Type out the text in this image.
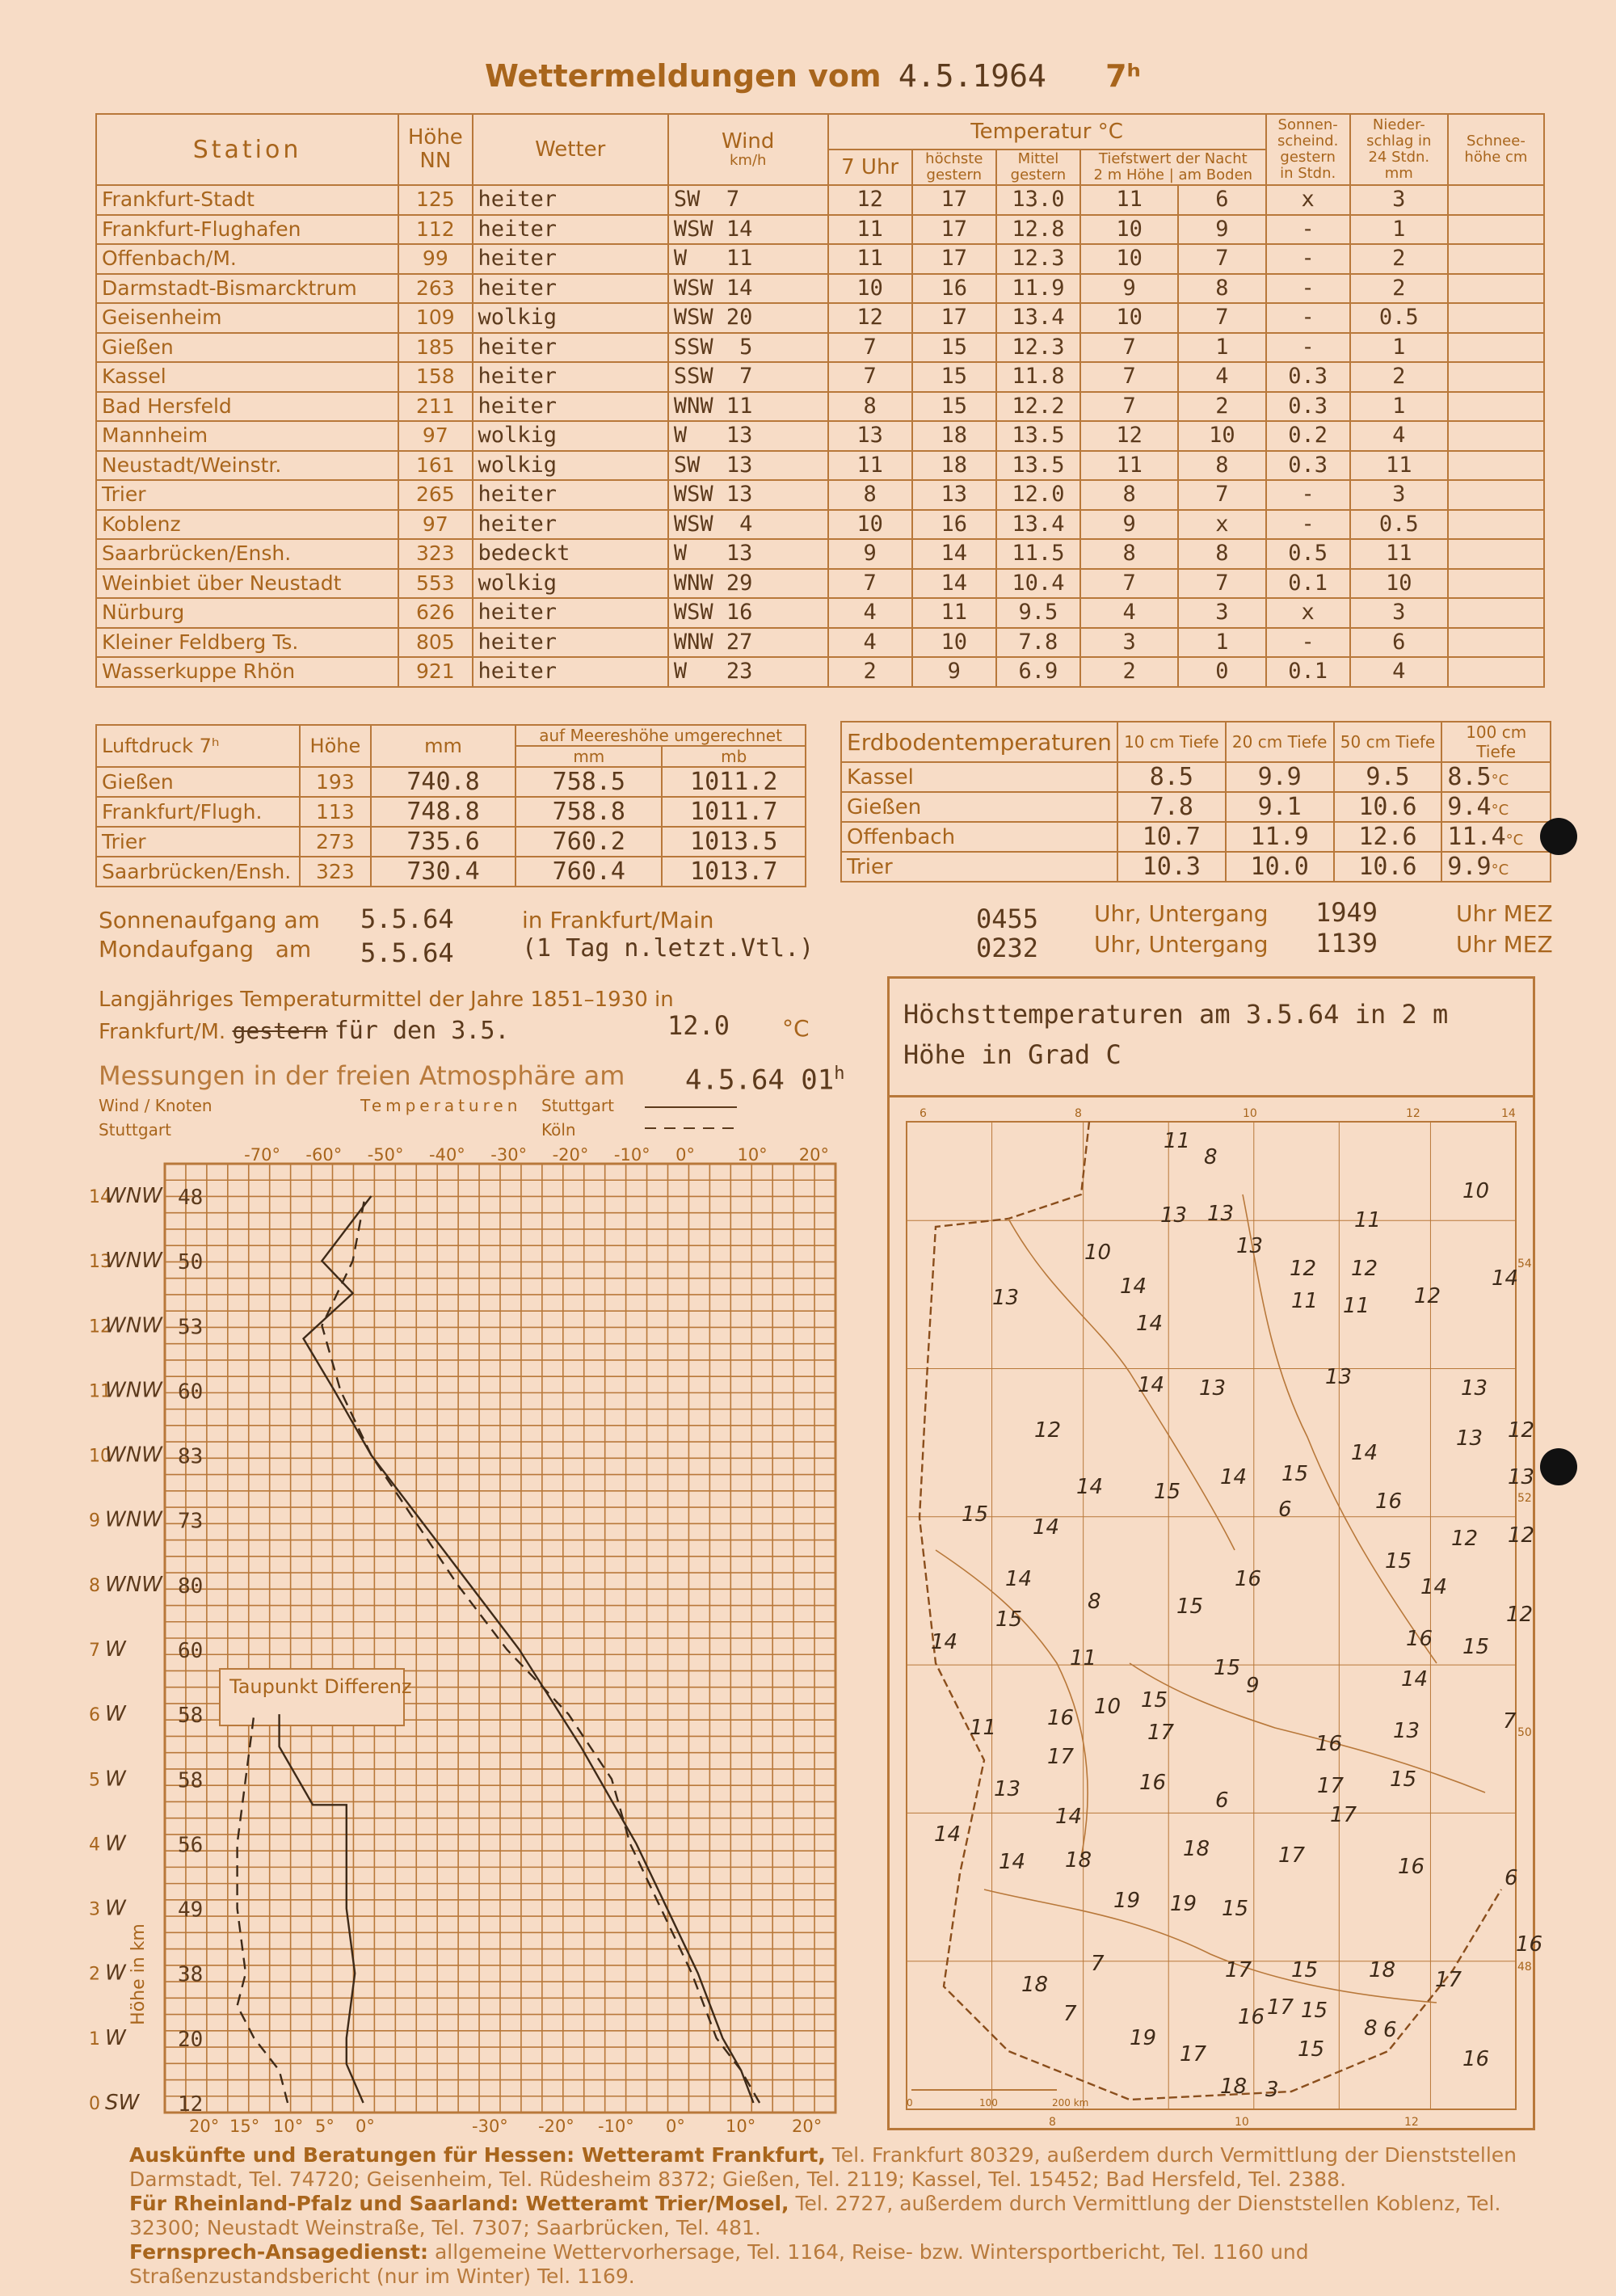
Wettermeldungen vom 4.5.1964 7ʰ
Station	Höhe NN	Wetter	Wind
km/h	Temperatur °C					Sonnen-scheind. gestern in Stdn.	Nieder-schlag in 24 Stdn. mm	Schnee-höhe cm
				7 Uhr	höchste gestern	Mittel gestern	Tiefstwert der Nacht
2 m Höhe | am Boden				

Frankfurt-Stadt	125	heiter	SW  7	12	17	13.0	11	6	x	3	
Frankfurt-Flughafen	112	heiter	WSW 14	11	17	12.8	10	9	-	1	
Offenbach/M.	99	heiter	W   11	11	17	12.3	10	7	-	2	
Darmstadt-Bismarcktrum	263	heiter	WSW 14	10	16	11.9	9	8	-	2	
Geisenheim	109	wolkig	WSW 20	12	17	13.4	10	7	-	0.5	
Gießen	185	heiter	SSW  5	7	15	12.3	7	1	-	1	
Kassel	158	heiter	SSW  7	7	15	11.8	7	4	0.3	2	
Bad Hersfeld	211	heiter	WNW 11	8	15	12.2	7	2	0.3	1	
Mannheim	97	wolkig	W   13	13	18	13.5	12	10	0.2	4	
Neustadt/Weinstr.	161	wolkig	SW  13	11	18	13.5	11	8	0.3	11	
Trier	265	heiter	WSW 13	8	13	12.0	8	7	-	3	
Koblenz	97	heiter	WSW  4	10	16	13.4	9	x	-	0.5	
Saarbrücken/Ensh.	323	bedeckt	W   13	9	14	11.5	8	8	0.5	11	
Weinbiet über Neustadt	553	wolkig	WNW 29	7	14	10.4	7	7	0.1	10	
Nürburg	626	heiter	WSW 16	4	11	9.5	4	3	x	3	
Kleiner Feldberg Ts.	805	heiter	WNW 27	4	10	7.8	3	1	-	6	
Wasserkuppe Rhön	921	heiter	W   23	2	9	6.9	2	0	0.1	4	
Luftdruck 7ʰ	Höhe	mm	auf Meereshöhe umgerechnet	
			mm	mb
Gießen	193	740.8	758.5	1011.2
Frankfurt/Flugh.	113	748.8	758.8	1011.7
Trier	273	735.6	760.2	1013.5
Saarbrücken/Ensh.	323	730.4	760.4	1013.7
Erdbodentemperaturen	10 cm Tiefe	20 cm Tiefe	50 cm Tiefe	100 cm Tiefe
Kassel	8.5	9.9	9.5	8.5°C
Gießen	7.8	9.1	10.6	9.4°C
Offenbach	10.7	11.9	12.6	11.4°C
Trier	10.3	10.0	10.6	9.9°C
Sonnenaufgang am 5.5.64	in Frankfurt/Main	0455 Uhr, Untergang 1949	Uhr MEZ
Mondaufgang   am 5.5.64	(1 Tag n.letzt.Vtl.)	0232 Uhr, Untergang 1139	Uhr MEZ
Langjähriges Temperaturmittel der Jahre 1851–1930 in
Frankfurt/M. gestern für den 3.5.	12.0 °C
Messungen in der freien Atmosphäre am 4.5.64 01$^h$
Wind / Knoten
Stuttgart
Temperaturen Stuttgart
Köln
14
13
12
11
10
9
8
7
6
5
4
3
2
1
0
-70° -60° -50° -40° -30° -20° -10° 0° 10° 20°
20° 15° 10° 5° 0°	-30° -20° -10° 0° 10° 20°
WNW 48
WNW 50
WNW 53
WNW 60
WNW 83
WNW 73
WNW 80
W 60
W 58
W 58
W 56
W 49
W 38
W 20
SW 12
Taupunkt Differenz
Höhe in km
Höchsttemperaturen am 3.5.64 in 2 m
Höhe in Grad C
6	8	10	12	14
8	10	12
54
52
50
48
0	100	200 km
11
8
13 13
13
11
10
10
12 12	14
13	14	12
11
11
14
14 13	13	13
12	12
13
14
13
14 15
14 15
6	16
15
14	12
12
15
14	16	14
8	15
15	12
14	16 15
11	15	14
9
10 15
11 16
17	13	7
17
16
13	16	17 15
14
6
17
14
14 18	18	17	16	6
19 19 15
16
18
7	17 15 18 17
17
16 15
7
8 6
19
17	15	16
18 3
Auskünfte und Beratungen für Hessen: Wetteramt Frankfurt, Tel. Frankfurt 80329, außerdem durch Vermittlung der Dienststellen Darmstadt, Tel. 74720; Geisenheim, Tel. Rüdesheim 8372; Gießen, Tel. 2119; Kassel, Tel. 15452; Bad Hersfeld, Tel. 2388.
Für Rheinland-Pfalz und Saarland: Wetteramt Trier/Mosel, Tel. 2727, außerdem durch Vermittlung der Dienststellen Koblenz, Tel. 32300; Neustadt Weinstraße, Tel. 7307; Saarbrücken, Tel. 481.
Fernsprech-Ansagedienst: allgemeine Wettervorhersage, Tel. 1164, Reise- bzw. Wintersportbericht, Tel. 1160 und Straßenzustandsbericht (nur im Winter) Tel. 1169.
